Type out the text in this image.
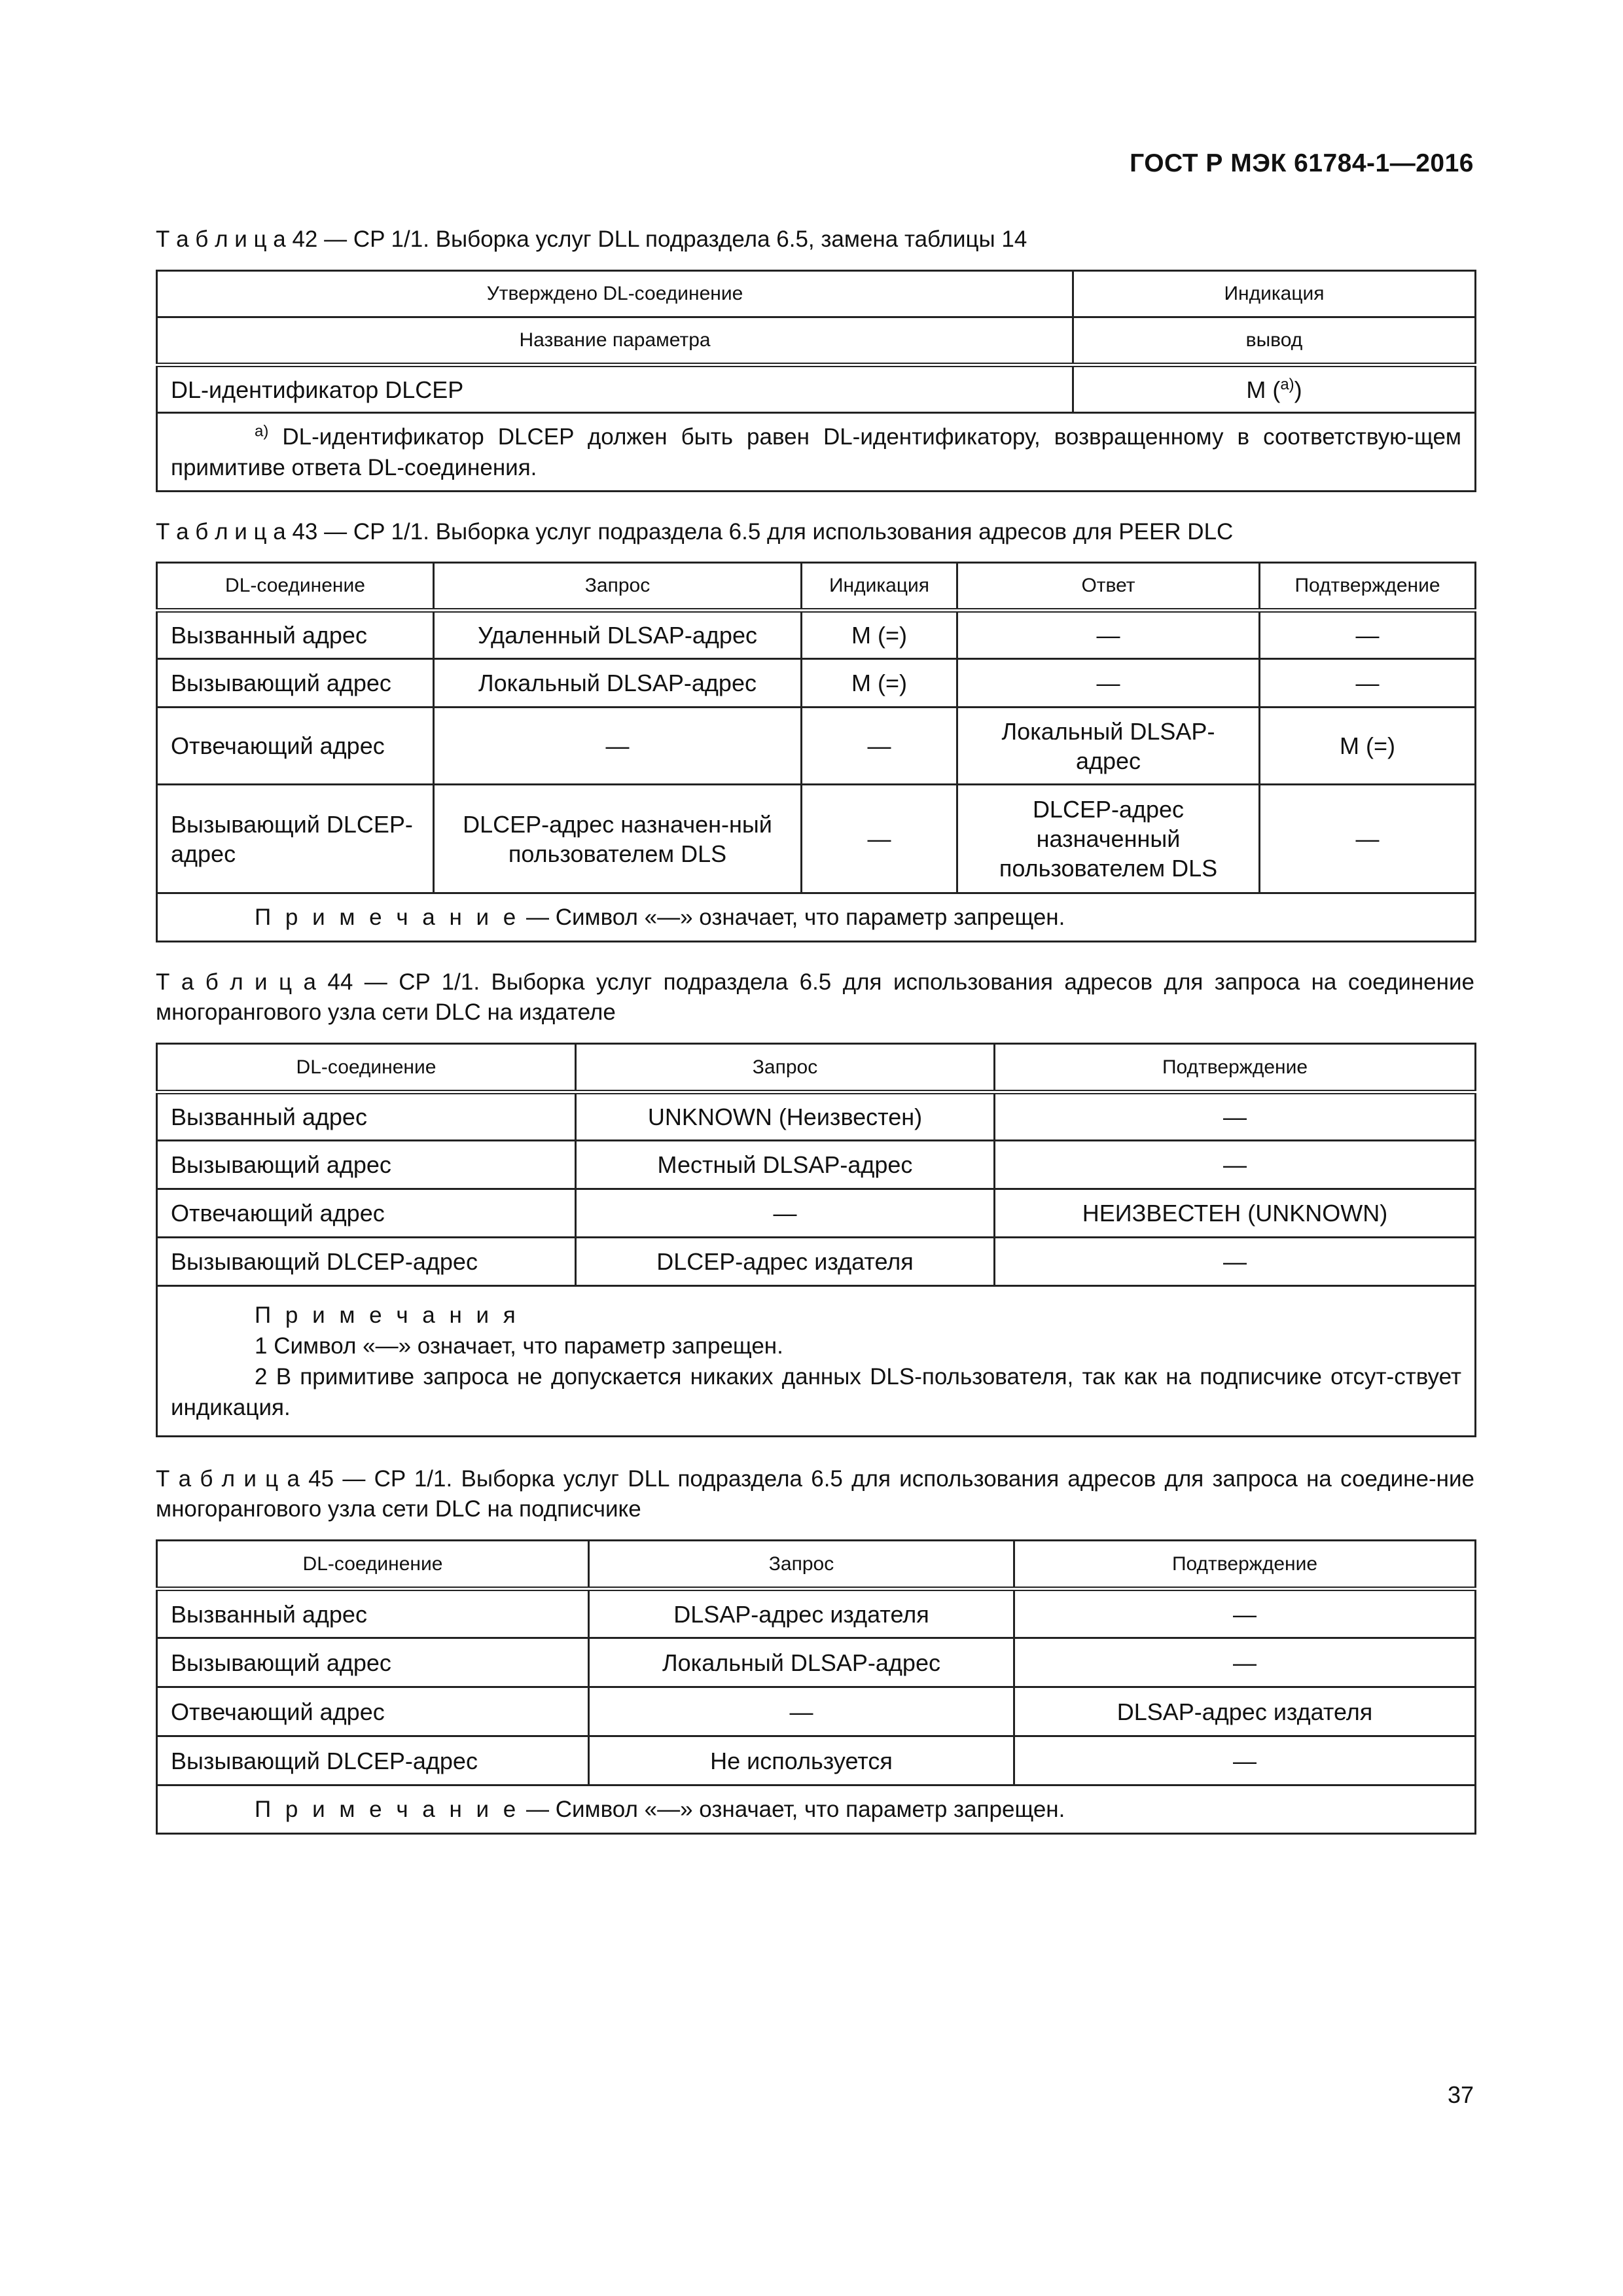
ГОСТ Р МЭК 61784-1—2016
Т а б л и ц а 42 — CP 1/1. Выборка услуг DLL подраздела 6.5, замена таблицы 14
Утверждено DL-соединение	Индикация
Название параметра	вывод
DL-идентификатор DLCEP	M ($^{a)}$)

$^{a)}$ DL-идентификатор DLCEP должен быть равен DL-идентификатору, возвращенному в соответствую-щем примитиве ответа DL-соединения.	
Т а б л и ц а 43 — CP 1/1. Выборка услуг подраздела 6.5 для использования адресов для PEER DLC
DL-соединение	Запрос	Индикация	Ответ	Подтверждение
Вызванный адрес	Удаленный DLSAP-адрес	M (=)	—	—
Вызывающий адрес	Локальный DLSAP-адрес	M (=)	—	—
Отвечающий адрес	—	—	Локальный DLSAP-адрес	M (=)
Вызывающий DLCEP-адрес	DLCEP-адрес назначен-ный пользователем DLS	—	DLCEP-адрес назначенный пользователем DLS	—

П р и м е ч а н и е — Символ «—» означает, что параметр запрещен.				
Т а б л и ц а 44 — CP 1/1. Выборка услуг подраздела 6.5 для использования адресов для запроса на соединение многорангового узла сети DLC на издателе
DL-соединение	Запрос	Подтверждение
Вызванный адрес	UNKNOWN (Неизвестен)	—
Вызывающий адрес	Местный DLSAP-адрес	—
Отвечающий адрес	—	НЕИЗВЕСТЕН (UNKNOWN)
Вызывающий DLCEP-адрес	DLCEP-адрес издателя	—

П р и м е ч а н и я
1 Символ «—» означает, что параметр запрещен.
2 В примитиве запроса не допускается никаких данных DLS-пользователя, так как на подписчике отсут-ствует индикация.		
Т а б л и ц а 45 — CP 1/1. Выборка услуг DLL подраздела 6.5 для использования адресов для запроса на соедине-ние многорангового узла сети DLC на подписчике
DL-соединение	Запрос	Подтверждение
Вызванный адрес	DLSAP-адрес издателя	—
Вызывающий адрес	Локальный DLSAP-адрес	—
Отвечающий адрес	—	DLSAP-адрес издателя
Вызывающий DLCEP-адрес	Не используется	—

П р и м е ч а н и е — Символ «—» означает, что параметр запрещен.		
37
